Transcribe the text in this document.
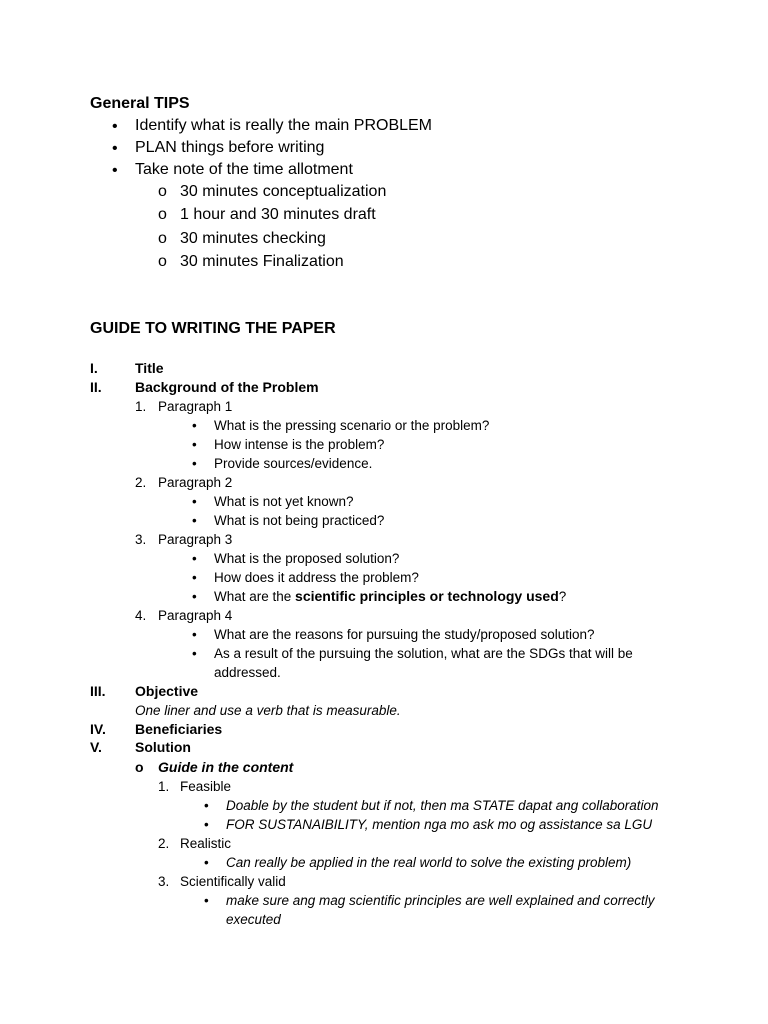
General TIPS
• Identify what is really the main PROBLEM
• PLAN things before writing
• Take note of the time allotment
o 30 minutes conceptualization
o 1 hour and 30 minutes draft
o 30 minutes checking
o 30 minutes Finalization
GUIDE TO WRITING THE PAPER
I.	Title
II. Background of the Problem
1. Paragraph 1
•
What is the pressing scenario or the problem?
•
How intense is the problem?
•
Provide sources/evidence.
2. Paragraph 2
•
What is not yet known?
•
What is not being practiced?
3. Paragraph 3
•
What is the proposed solution?
•
How does it address the problem?
•
What are the scientific principles or technology used?
4. Paragraph 4
•
What are the reasons for pursuing the study/proposed solution?
•
As a result of the pursuing the solution, what are the SDGs that will be
addressed.
III. Objective
One liner and use a verb that is measurable.
IV. Beneficiaries
V. Solution
o Guide in the content
1. Feasible
•
Doable by the student but if not, then ma STATE dapat ang collaboration
•
FOR SUSTANAIBILITY, mention nga mo ask mo og assistance sa LGU
2. Realistic
•
Can really be applied in the real world to solve the existing problem)
3. Scientifically valid
•
make sure ang mag scientific principles are well explained and correctly
executed
